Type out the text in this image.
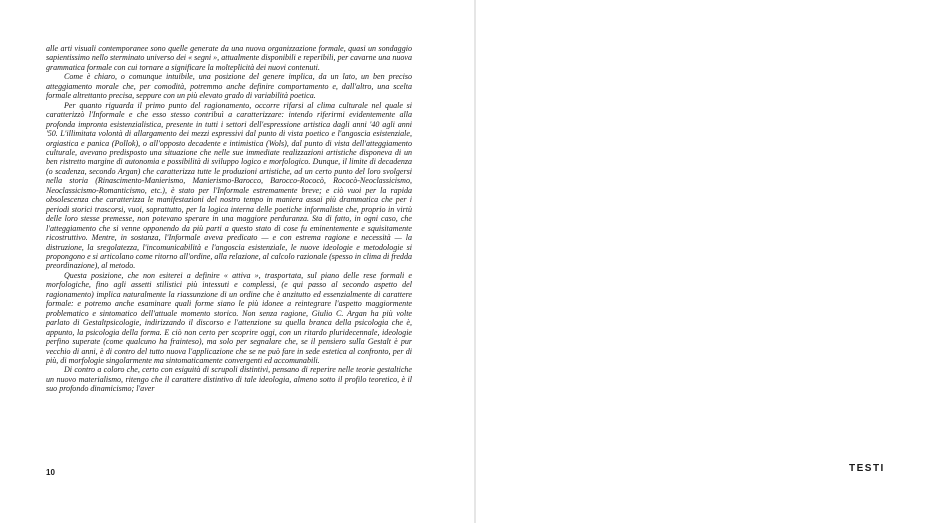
alle arti visuali contemporanee sono quelle generate da una nuova organizzazione formale, quasi un sondaggio sapientissimo nello sterminato universo dei « segni », attualmente disponibili e reperibili, per cavarne una nuova grammatica formale con cui tornare a significare la molteplicità dei nuovi contenuti.

Come è chiaro, o comunque intuibile, una posizione del genere implica, da un lato, un ben preciso atteggiamento morale che, per comodità, potremmo anche definire comportamento e, dall'altro, una scelta formale altrettanto precisa, seppure con un più elevato grado di variabilità poetica.

Per quanto riguarda il primo punto del ragionamento, occorre rifarsi al clima culturale nel quale si caratterizzò l'Informale e che esso stesso contribuì a caratterizzare: intendo riferirmi evidentemente alla profonda impronta esistenzialistica, presente in tutti i settori dell'espressione artistica dagli anni '40 agli anni '50. L'illimitata volontà di allargamento dei mezzi espressivi dal punto di vista poetico e l'angoscia esistenziale, orgiastica e panica (Pollok), o all'opposto decadente e intimistica (Wols), dal punto di vista dell'atteggiamento culturale, avevano predisposto una situazione che nelle sue immediate realizzazioni artistiche disponeva di un ben ristretto margine di autonomia e possibilità di sviluppo logico e morfologico. Dunque, il limite di decadenza (o scadenza, secondo Argan) che caratterizza tutte le produzioni artistiche, ad un certo punto del loro svolgersi nella storia (Rinascimento-Manierismo, Manierismo-Barocco, Barocco-Rococò, Rococò-Neoclassicismo, Neoclassicismo-Romanticismo, etc.), è stato per l'Informale estremamente breve; e ciò vuoi per la rapida obsolescenza che caratterizza le manifestazioni del nostro tempo in maniera assai più drammatica che per i periodi storici trascorsi, vuoi, soprattutto, per la logica interna delle poetiche informaliste che, proprio in virtù delle loro stesse premesse, non potevano sperare in una maggiore perduranza. Sta di fatto, in ogni caso, che l'atteggiamento che si venne opponendo da più parti a questo stato di cose fu eminentemente e squisitamente ricostruttivo. Mentre, in sostanza, l'Informale aveva predicato — e con estrema ragione e necessità — la distruzione, la sregolatezza, l'incomunicabilità e l'angoscia esistenziale, le nuove ideologie e metodologie si propongono e si articolano come ritorno all'ordine, alla relazione, al calcolo razionale (spesso in clima di fredda preordinazione), al metodo.

Questa posizione, che non esiterei a definire « attiva », trasportata, sul piano delle rese formali e morfologiche, fino agli assetti stilistici più intessuti e complessi, (e qui passo al secondo aspetto del ragionamento) implica naturalmente la riassunzione di un ordine che è anzitutto ed essenzialmente di carattere formale: e potremo anche esaminare quali forme siano le più idonee a reintegrare l'aspetto maggiormente problematico e sintomatico dell'attuale momento storico. Non senza ragione, Giulio C. Argan ha più volte parlato di Gestaltpsicologie, indirizzando il discorso e l'attenzione su quella branca della psicologia che è, appunto, la psicologia della forma. E ciò non certo per scoprire oggi, con un ritardo pluridecennale, ideologie perfino superate (come qualcuno ha frainteso), ma solo per segnalare che, se il pensiero sulla Gestalt è pur vecchio di anni, è di contro del tutto nuova l'applicazione che se ne può fare in sede estetica al confronto, per di più, di morfologie singolarmente ma sintomaticamente convergenti ed accomunabili.

Di contro a coloro che, certo con esiguità di scrupoli distintivi, pensano di reperire nelle teorie gestaltiche un nuovo materialismo, ritengo che il carattere distintivo di tale ideologia, almeno sotto il profilo teoretico, è il suo profondo dinamicismo; l'aver

10	TESTI
